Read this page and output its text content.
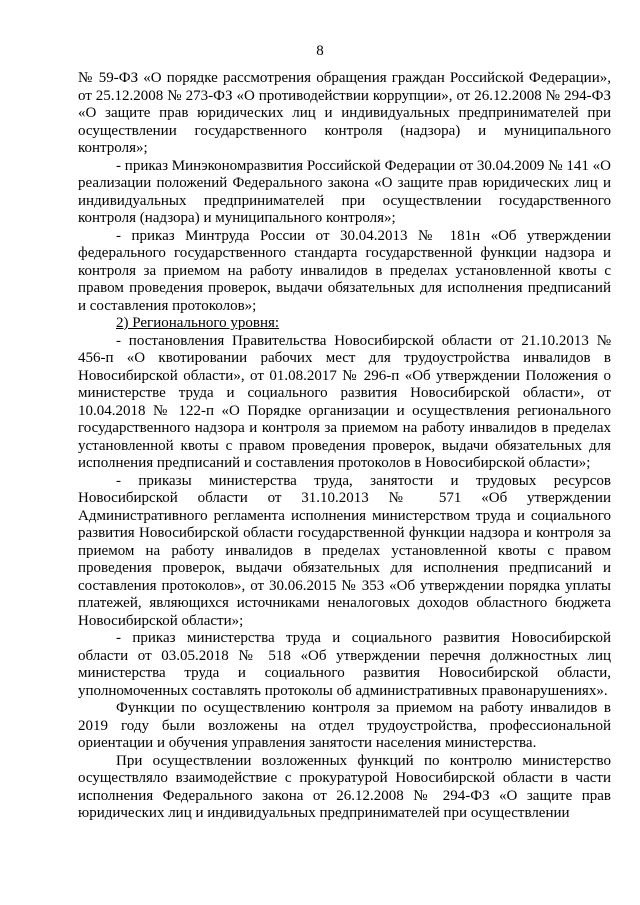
8

№ 59-ФЗ «О порядке рассмотрения обращения граждан Российской Федерации», от 25.12.2008 № 273-ФЗ «О противодействии коррупции», от 26.12.2008 № 294-ФЗ «О защите прав юридических лиц и индивидуальных предпринимателей при осуществлении государственного контроля (надзора) и муниципального контроля»;

- приказ Минэкономразвития Российской Федерации от 30.04.2009 № 141 «О реализации положений Федерального закона «О защите прав юридических лиц и индивидуальных предпринимателей при осуществлении государственного контроля (надзора) и муниципального контроля»;

- приказ Минтруда России от 30.04.2013 № 181н «Об утверждении федерального государственного стандарта государственной функции надзора и контроля за приемом на работу инвалидов в пределах установленной квоты с правом проведения проверок, выдачи обязательных для исполнения предписаний и составления протоколов»;

2) Регионального уровня:

- постановления Правительства Новосибирской области от 21.10.2013 № 456-п «О квотировании рабочих мест для трудоустройства инвалидов в Новосибирской области», от 01.08.2017 № 296-п «Об утверждении Положения о министерстве труда и социального развития Новосибирской области», от 10.04.2018 № 122-п «О Порядке организации и осуществления регионального государственного надзора и контроля за приемом на работу инвалидов в пределах установленной квоты с правом проведения проверок, выдачи обязательных для исполнения предписаний и составления протоколов в Новосибирской области»;

- приказы министерства труда, занятости и трудовых ресурсов Новосибирской области от 31.10.2013 № 571 «Об утверждении Административного регламента исполнения министерством труда и социального развития Новосибирской области государственной функции надзора и контроля за приемом на работу инвалидов в пределах установленной квоты с правом проведения проверок, выдачи обязательных для исполнения предписаний и составления протоколов», от 30.06.2015 № 353 «Об утверждении порядка уплаты платежей, являющихся источниками неналоговых доходов областного бюджета Новосибирской области»;

- приказ министерства труда и социального развития Новосибирской области от 03.05.2018 № 518 «Об утверждении перечня должностных лиц министерства труда и социального развития Новосибирской области, уполномоченных составлять протоколы об административных правонарушениях».

Функции по осуществлению контроля за приемом на работу инвалидов в 2019 году были возложены на отдел трудоустройства, профессиональной ориентации и обучения управления занятости населения министерства.

При осуществлении возложенных функций по контролю министерство осуществляло взаимодействие с прокуратурой Новосибирской области в части исполнения Федерального закона от 26.12.2008 № 294-ФЗ «О защите прав юридических лиц и индивидуальных предпринимателей при осуществлении
